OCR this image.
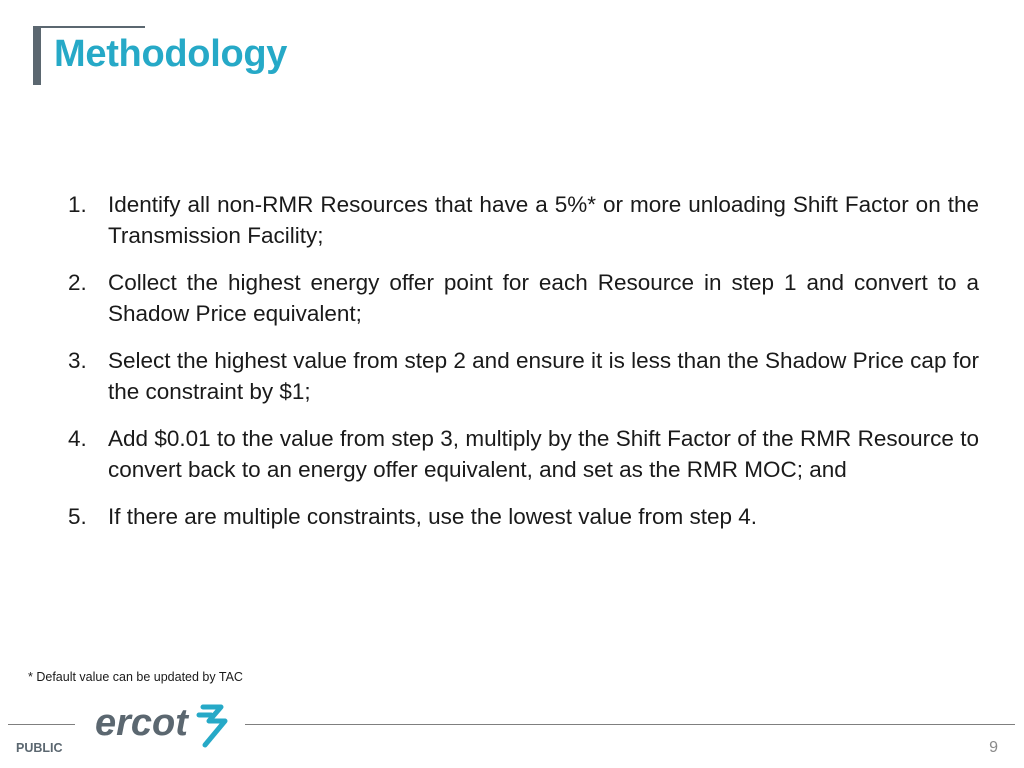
Methodology
1. Identify all non-RMR Resources that have a 5%* or more unloading Shift Factor on the Transmission Facility;
2. Collect the highest energy offer point for each Resource in step 1 and convert to a Shadow Price equivalent;
3. Select the highest value from step 2 and ensure it is less than the Shadow Price cap for the constraint by $1;
4. Add $0.01 to the value from step 3, multiply by the Shift Factor of the RMR Resource to convert back to an energy offer equivalent, and set as the RMR MOC; and
5. If there are multiple constraints, use the lowest value from step 4.
* Default value can be updated by TAC
ercot
PUBLIC	9
